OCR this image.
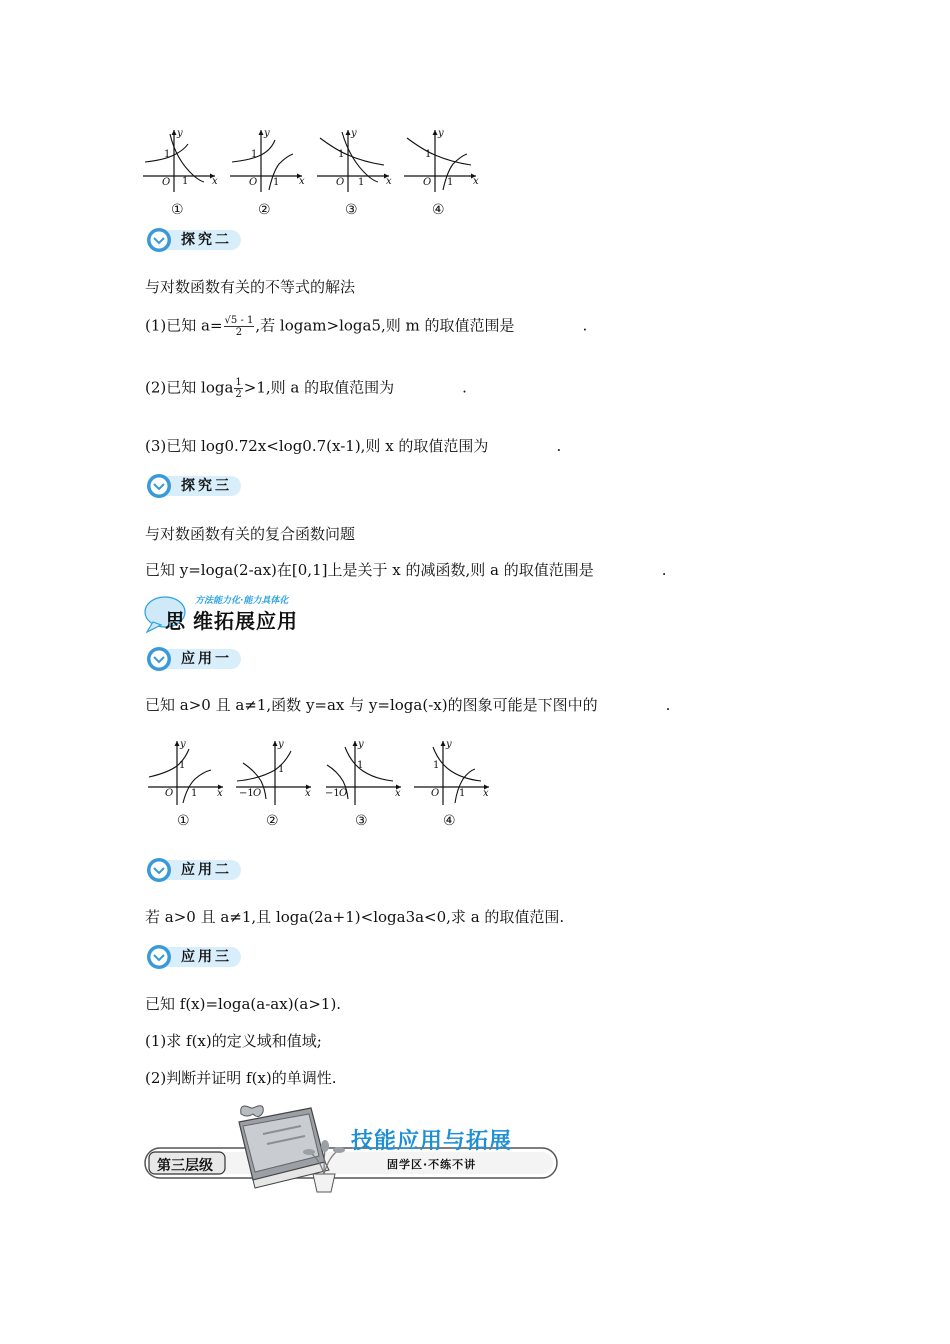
y
x
O
1
1
y
x
O
1
1
y
x
O
1
1
y
x
O
1
1
①	②	③	④
探究二
与对数函数有关的不等式的解法
(1)已知 $a= \frac{√5 - 1}{2}$ ,若 logam>loga5,则 m 的取值范围是	.
(2)已知 loga $\frac{1}{2} >1$,则 a 的取值范围为	.
(3)已知 log0.72x<log0.7(x-1),则 x 的取值范围为	.
探究三
与对数函数有关的复合函数问题
已知 y=loga(2-ax)在[0,1]上是关于 x 的减函数,则 a 的取值范围是	.
思 维拓展应用
方法能力化·能力具体化
应用一
已知 a>0 且 a≠1,函数 y=ax 与 y=loga(-x)的图象可能是下图中的	.
y
x
O
1
1
y
x
−1 O
1
y
x
−1 O
1
y
x
O
1
1
①	②	③	④
应用二
若 a>0 且 a≠1,且 loga(2a+1)<loga3a<0,求 a 的取值范围.
应用三
已知 f(x)=loga(a-ax)(a>1).
(1)求 f(x)的定义域和值域;
(2)判断并证明 f(x)的单调性.
第三层级
技能应用与拓展
固学区·不练不讲
